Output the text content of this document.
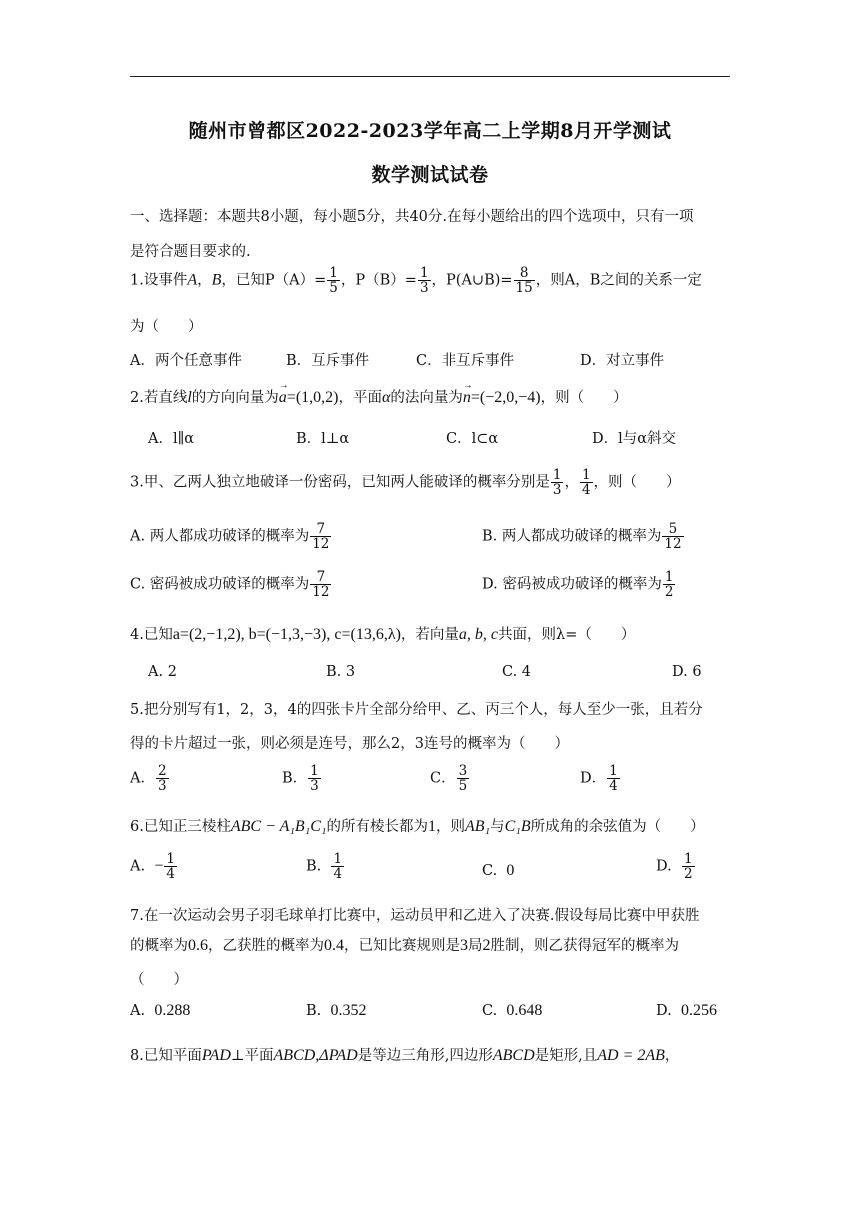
随州市曾都区2022-2023学年高二上学期8月开学测试
数学测试试卷
一、选择题：本题共8小题，每小题5分，共40分.在每小题给出的四个选项中，只有一项
是符合题目要求的.
1.设事件A，B，已知$P(A)= \frac{1}{5}$ ，$P(B)= \frac{1}{3}$ ，P(A∪B)= $\frac{8}{15}$ ，则A，B之间的关系一定
为（　　）
A．两个任意事件	B．互斥事件	C．非互斥事件	D．对立事件
2.若直线l的方向向量为→ a=(1,0,2)，平面α的法向量为→ n=(−2,0,−4)，则（　　）
A．l∥α	B．l⊥α	C．l⊂α	D．l与α斜交
3.甲、乙两人独立地破译一份密码，已知两人能破译的概率分别是 $\frac{1}{3}$ ， $\frac{1}{4}$ ，则（　　）
A. 两人都成功破译的概率为 $\frac{7}{12}$	B. 两人都成功破译的概率为 $\frac{5}{12}$
C. 密码被成功破译的概率为 $\frac{7}{12}$	D. 密码被成功破译的概率为 $\frac{1}{2}$
4.已知a=(2,−1,2), b=(−1,3,−3), c=(13,6,λ)，若向量a, b, c共面，则λ=（　　）
A. 2	B. 3	C. 4	D. 6
5.把分别写有1，2，3，4的四张卡片全部分给甲、乙、丙三个人，每人至少一张，且若分
得的卡片超过一张，则必须是连号，那么2，3连号的概率为（　　）
A． $\frac{2}{3}$	B． $\frac{1}{3}$	C． $\frac{3}{5}$	D． $\frac{1}{4}$
6.已知正三棱柱ABC − A₁B₁C₁的所有棱长都为1，则AB₁与C₁B所成角的余弦值为（　　）
A. − $\frac{1}{4}$	B. $\frac{1}{4}$	C. 0	D. $\frac{1}{2}$
7.在一次运动会男子羽毛球单打比赛中，运动员甲和乙进入了决赛.假设每局比赛中甲获胜
的概率为0.6，乙获胜的概率为0.4，已知比赛规则是3局2胜制，则乙获得冠军的概率为
（　　）
A. 0.288	B. 0.352	C. 0.648	D. 0.256
8.已知平面PAD⊥平面ABCD,ΔPAD是等边三角形,四边形ABCD是矩形,且AD = 2AB，
